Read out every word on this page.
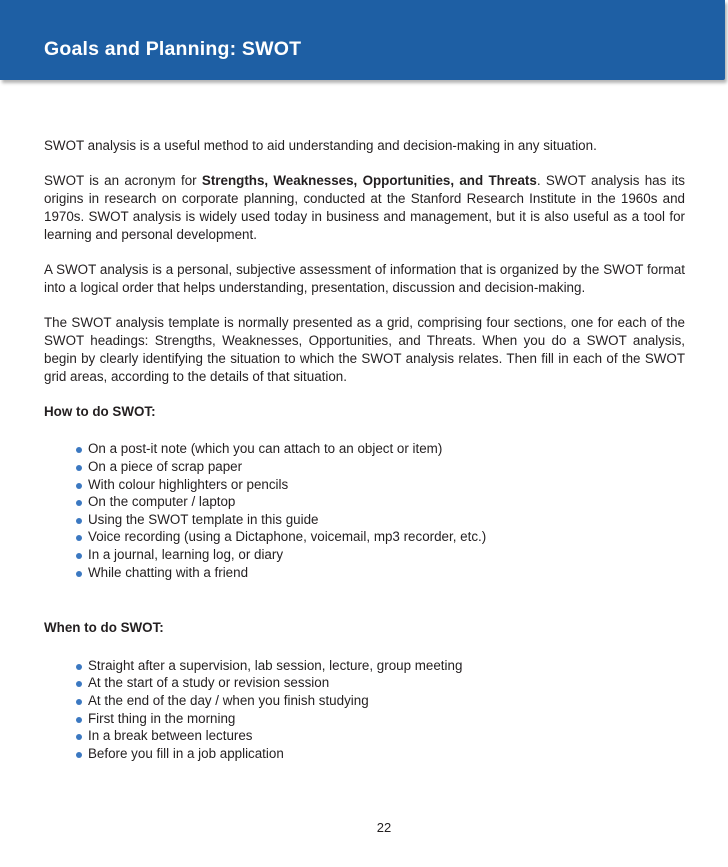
Goals and Planning: SWOT

SWOT analysis is a useful method to aid understanding and decision-making in any situation.

SWOT is an acronym for Strengths, Weaknesses, Opportunities, and Threats. SWOT analysis has its origins in research on corporate planning, conducted at the Stanford Research Institute in the 1960s and 1970s. SWOT analysis is widely used today in business and management, but it is also useful as a tool for learning and personal development.

A SWOT analysis is a personal, subjective assessment of information that is organized by the SWOT format into a logical order that helps understanding, presentation, discussion and decision-making.

The SWOT analysis template is normally presented as a grid, comprising four sections, one for each of the SWOT headings: Strengths, Weaknesses, Opportunities, and Threats. When you do a SWOT analysis, begin by clearly identifying the situation to which the SWOT analysis relates. Then fill in each of the SWOT grid areas, according to the details of that situation.

How to do SWOT:
On a post-it note (which you can attach to an object or item)
On a piece of scrap paper
With colour highlighters or pencils
On the computer / laptop
Using the SWOT template in this guide
Voice recording (using a Dictaphone, voicemail, mp3 recorder, etc.)
In a journal, learning log, or diary
While chatting with a friend
When to do SWOT:
Straight after a supervision, lab session, lecture, group meeting
At the start of a study or revision session
At the end of the day / when you finish studying
First thing in the morning
In a break between lectures
Before you fill in a job application
22
